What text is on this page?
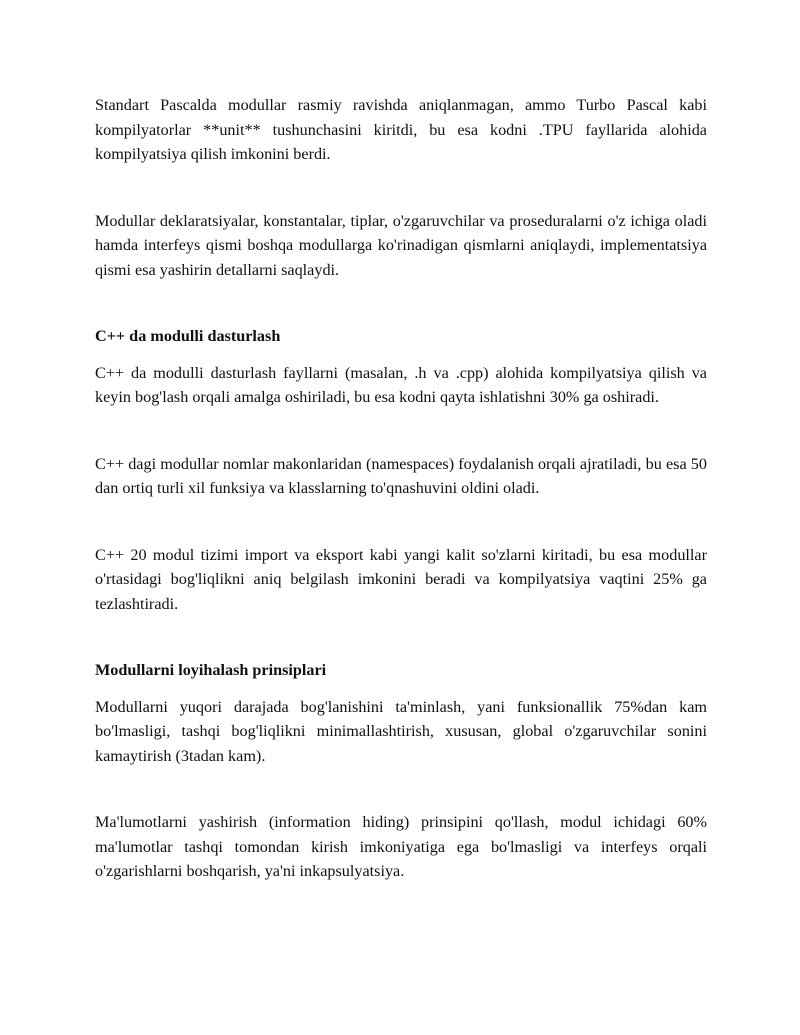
Standart Pascalda modullar rasmiy ravishda aniqlanmagan, ammo Turbo Pascal kabi kompilyatorlar **unit** tushunchasini kiritdi, bu esa kodni .TPU fayllarida alohida kompilyatsiya qilish imkonini berdi.

Modullar deklaratsiyalar, konstantalar, tiplar, o'zgaruvchilar va proseduralarni o'z ichiga oladi hamda interfeys qismi boshqa modullarga ko'rinadigan qismlarni aniqlaydi, implementatsiya qismi esa yashirin detallarni saqlaydi.

C++ da modulli dasturlash

C++ da modulli dasturlash fayllarni (masalan, .h va .cpp) alohida kompilyatsiya qilish va keyin bog'lash orqali amalga oshiriladi, bu esa kodni qayta ishlatishni 30% ga oshiradi.

C++ dagi modullar nomlar makonlaridan (namespaces) foydalanish orqali ajratiladi, bu esa 50 dan ortiq turli xil funksiya va klasslarning to'qnashuvini oldini oladi.

C++ 20 modul tizimi import va eksport kabi yangi kalit so'zlarni kiritadi, bu esa modullar o'rtasidagi bog'liqlikni aniq belgilash imkonini beradi va kompilyatsiya vaqtini 25% ga tezlashtiradi.

Modullarni loyihalash prinsiplari

Modullarni yuqori darajada bog'lanishini ta'minlash, yani funksionallik 75%dan kam bo'lmasligi, tashqi bog'liqlikni minimallashtirish, xususan, global o'zgaruvchilar sonini kamaytirish (3tadan kam).

Ma'lumotlarni yashirish (information hiding) prinsipini qo'llash, modul ichidagi 60% ma'lumotlar tashqi tomondan kirish imkoniyatiga ega bo'lmasligi va interfeys orqali o'zgarishlarni boshqarish, ya'ni inkapsulyatsiya.
